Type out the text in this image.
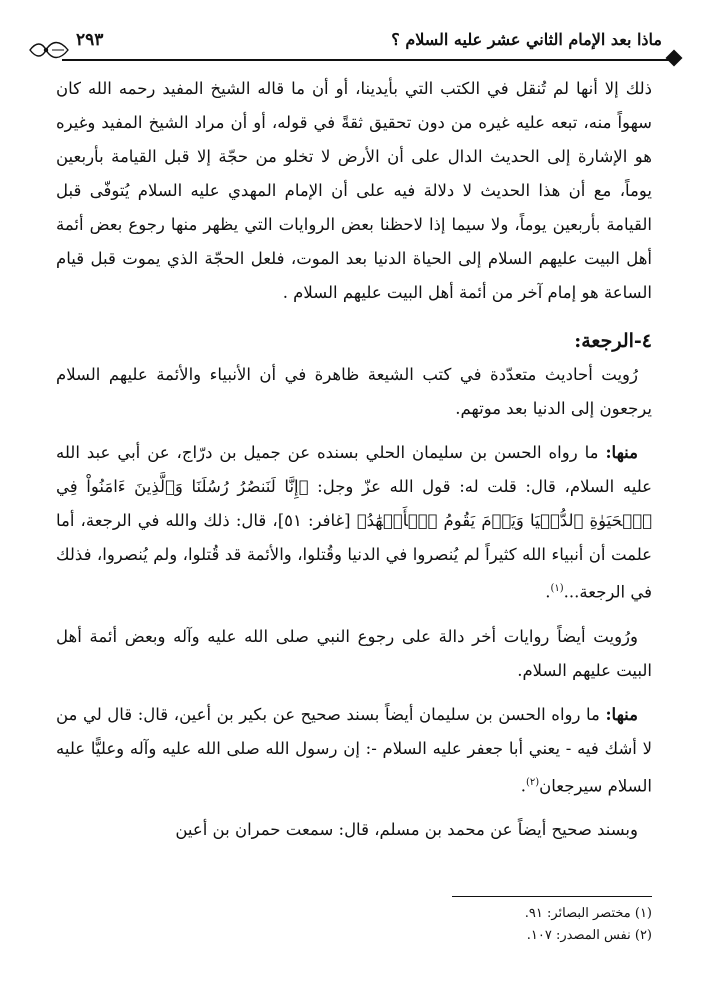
ماذا بعد الإمام الثاني عشر عليه السلام ؟
٢٩٣

ذلك إلا أنها لم تُنقل في الكتب التي بأيدينا، أو أن ما قاله الشيخ المفيد رحمه الله كان سهواً منه، تبعه عليه غيره من دون تحقيق ثقةً في قوله، أو أن مراد الشيخ المفيد وغيره هو الإشارة إلى الحديث الدال على أن الأرض لا تخلو من حجّة إلا قبل القيامة بأربعين يوماً، مع أن هذا الحديث لا دلالة فيه على أن الإمام المهدي عليه السلام يُتوفّى قبل القيامة بأربعين يوماً، ولا سيما إذا لاحظنا بعض الروايات التي يظهر منها رجوع بعض أئمة أهل البيت عليهم السلام إلى الحياة الدنيا بعد الموت، فلعل الحجّة الذي يموت قبل قيام الساعة هو إمام آخر من أئمة أهل البيت عليهم السلام .

٤-الرجعة:

رُويت أحاديث متعدّدة في كتب الشيعة ظاهرة في أن الأنبياء والأئمة عليهم السلام يرجعون إلى الدنيا بعد موتهم.

منها: ما رواه الحسن بن سليمان الحلي بسنده عن جميل بن درّاج، عن أبي عبد الله عليه السلام، قال: قلت له: قول الله عزّ وجل: ﴿إِنَّا لَنَنصُرُ رُسُلَنَا وَٱلَّذِينَ ءَامَنُواْ فِي ٱلۡحَيَوٰةِ ٱلدُّنۡيَا وَيَوۡمَ يَقُومُ ٱلۡأَشۡهَٰدُ﴾ [غافر: ٥١]، قال: ذلك والله في الرجعة، أما علمت أن أنبياء الله كثيراً لم يُنصروا في الدنيا وقُتلوا، والأئمة قد قُتلوا، ولم يُنصروا، فذلك في الرجعة...$^{(١)}$.

ورُويت أيضاً روايات أخر دالة على رجوع النبي صلى الله عليه وآله وبعض أئمة أهل البيت عليهم السلام.

منها: ما رواه الحسن بن سليمان أيضاً بسند صحيح عن بكير بن أعين، قال: قال لي من لا أشك فيه - يعني أبا جعفر عليه السلام -: إن رسول الله صلى الله عليه وآله وعليًّا عليه السلام سيرجعان$^{(٢)}$.

وبسند صحيح أيضاً عن محمد بن مسلم، قال: سمعت حمران بن أعين

(١) مختصر البصائر: ٩١.
(٢) نفس المصدر: ١٠٧.
